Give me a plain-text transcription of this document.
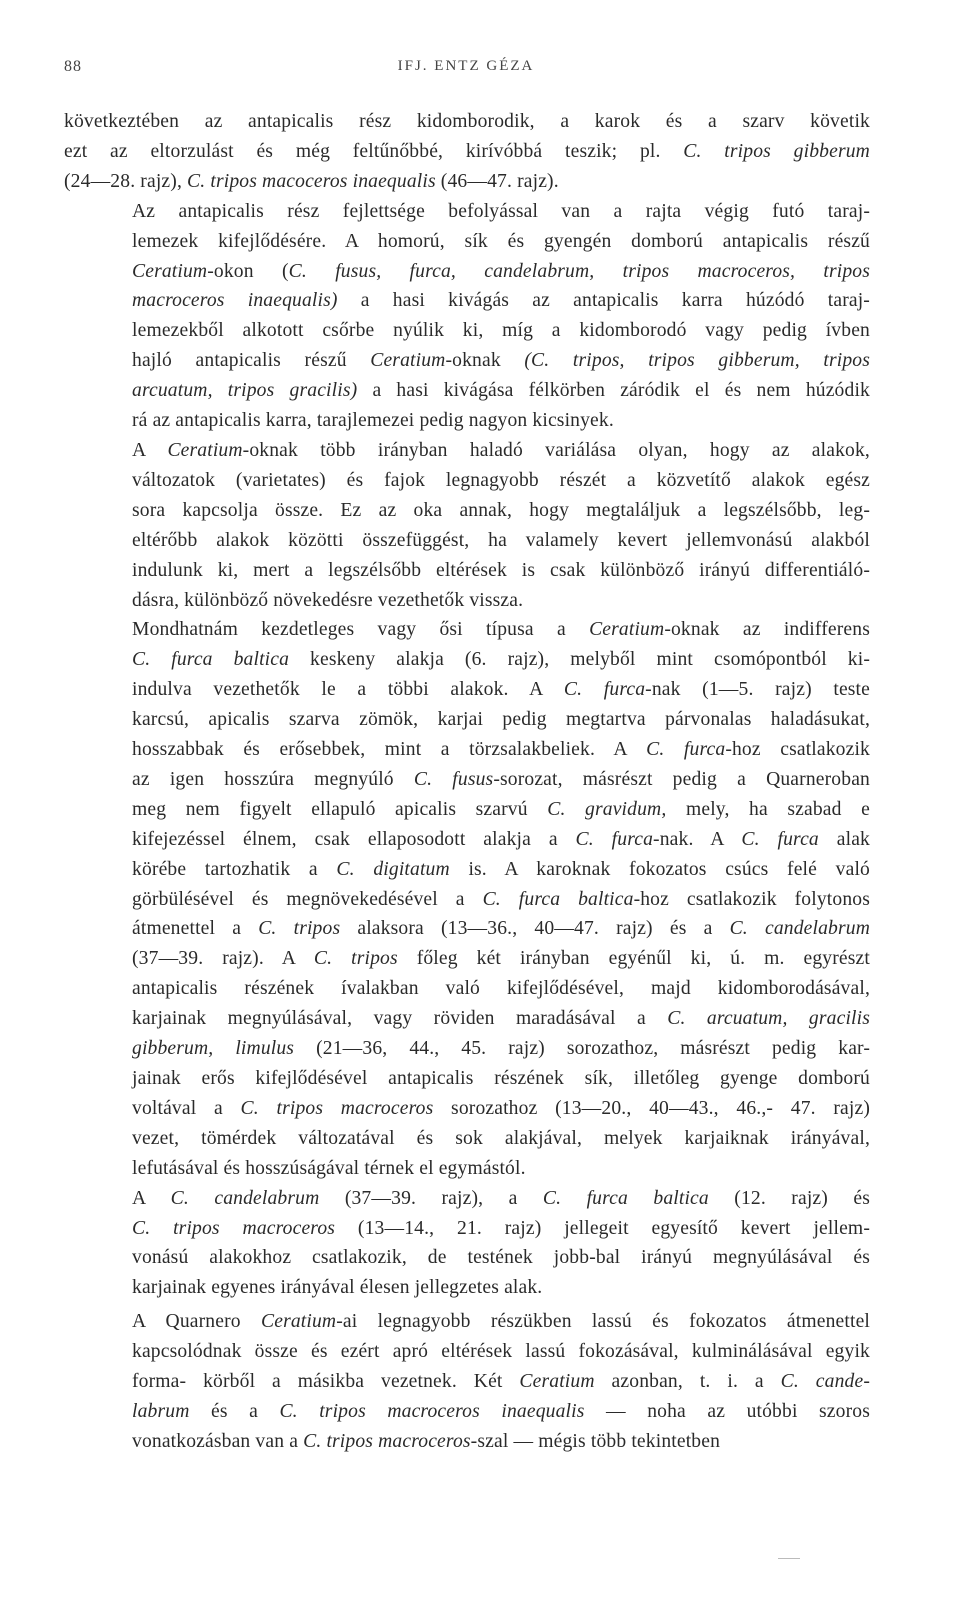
88	IFJ. ENTZ GÉZA
következtében az antapicalis rész kidomborodik, a karok és a szarv követik
ezt az eltorzulást és még feltűnőbbé, kirívóbbá teszik; pl. C. tripos gibberum
(24—28. rajz), C. tripos macoceros inaequalis (46—47. rajz).
Az antapicalis rész fejlettsége befolyással van a rajta végig futó taraj-
lemezek kifejlődésére. A homorú, sík és gyengén domború antapicalis részű
Ceratium-okon (C. fusus, furca, candelabrum, tripos macroceros, tripos
macroceros inaequalis) a hasi kivágás az antapicalis karra húzódó taraj-
lemezekből alkotott csőrbe nyúlik ki, míg a kidomborodó vagy pedig ívben
hajló antapicalis részű Ceratium-oknak (C. tripos, tripos gibberum, tripos
arcuatum, tripos gracilis) a hasi kivágása félkörben záródik el és nem húzódik
rá az antapicalis karra, tarajlemezei pedig nagyon kicsinyek.
A Ceratium-oknak több irányban haladó variálása olyan, hogy az alakok,
változatok (varietates) és fajok legnagyobb részét a közvetítő alakok egész
sora kapcsolja össze. Ez az oka annak, hogy megtaláljuk a legszélsőbb, leg-
eltérőbb alakok közötti összefüggést, ha valamely kevert jellemvonású alakból
indulunk ki, mert a legszélsőbb eltérések is csak különböző irányú differentiáló-
dásra, különböző növekedésre vezethetők vissza.
Mondhatnám kezdetleges vagy ősi típusa a Ceratium-oknak az indifferens
C. furca baltica keskeny alakja (6. rajz), melyből mint csomópontból ki-
indulva vezethetők le a többi alakok. A C. furca-nak (1—5. rajz) teste
karcsú, apicalis szarva zömök, karjai pedig megtartva párvonalas haladásukat,
hosszabbak és erősebbek, mint a törzsalakbeliek. A C. furca-hoz csatlakozik
az igen hosszúra megnyúló C. fusus-sorozat, másrészt pedig a Quarneroban
meg nem figyelt ellapuló apicalis szarvú C. gravidum, mely, ha szabad e
kifejezéssel élnem, csak ellaposodott alakja a C. furca-nak. A C. furca alak
körébe tartozhatik a C. digitatum is. A karoknak fokozatos csúcs felé való
görbülésével és megnövekedésével a C. furca baltica-hoz csatlakozik folytonos
átmenettel a C. tripos alaksora (13—36., 40—47. rajz) és a C. candelabrum
(37—39. rajz). A C. tripos főleg két irányban egyénűl ki, ú. m. egyrészt
antapicalis részének ívalakban való kifejlődésével, majd kidomborodásával,
karjainak megnyúlásával, vagy röviden maradásával a C. arcuatum, gracilis
gibberum, limulus (21—36, 44., 45. rajz) sorozathoz, másrészt pedig kar-
jainak erős kifejlődésével antapicalis részének sík, illetőleg gyenge domború
voltával a C. tripos macroceros sorozathoz (13—20., 40—43., 46.,- 47. rajz)
vezet, tömérdek változatával és sok alakjával, melyek karjaiknak irányával,
lefutásával és hosszúságával térnek el egymástól.
A C. candelabrum (37—39. rajz), a C. furca baltica (12. rajz) és
C. tripos macroceros (13—14., 21. rajz) jellegeit egyesítő kevert jellem-
vonású alakokhoz csatlakozik, de testének jobb-bal irányú megnyúlásával és
karjainak egyenes irányával élesen jellegzetes alak.
A Quarnero Ceratium-ai legnagyobb részükben lassú és fokozatos átmenettel
kapcsolódnak össze és ezért apró eltérések lassú fokozásával, kulminálásával egyik
forma- körből a másikba vezetnek. Két Ceratium azonban, t. i. a C. cande-
labrum és a C. tripos macroceros inaequalis — noha az utóbbi szoros
vonatkozásban van a C. tripos macroceros-szal — mégis több tekintetben
